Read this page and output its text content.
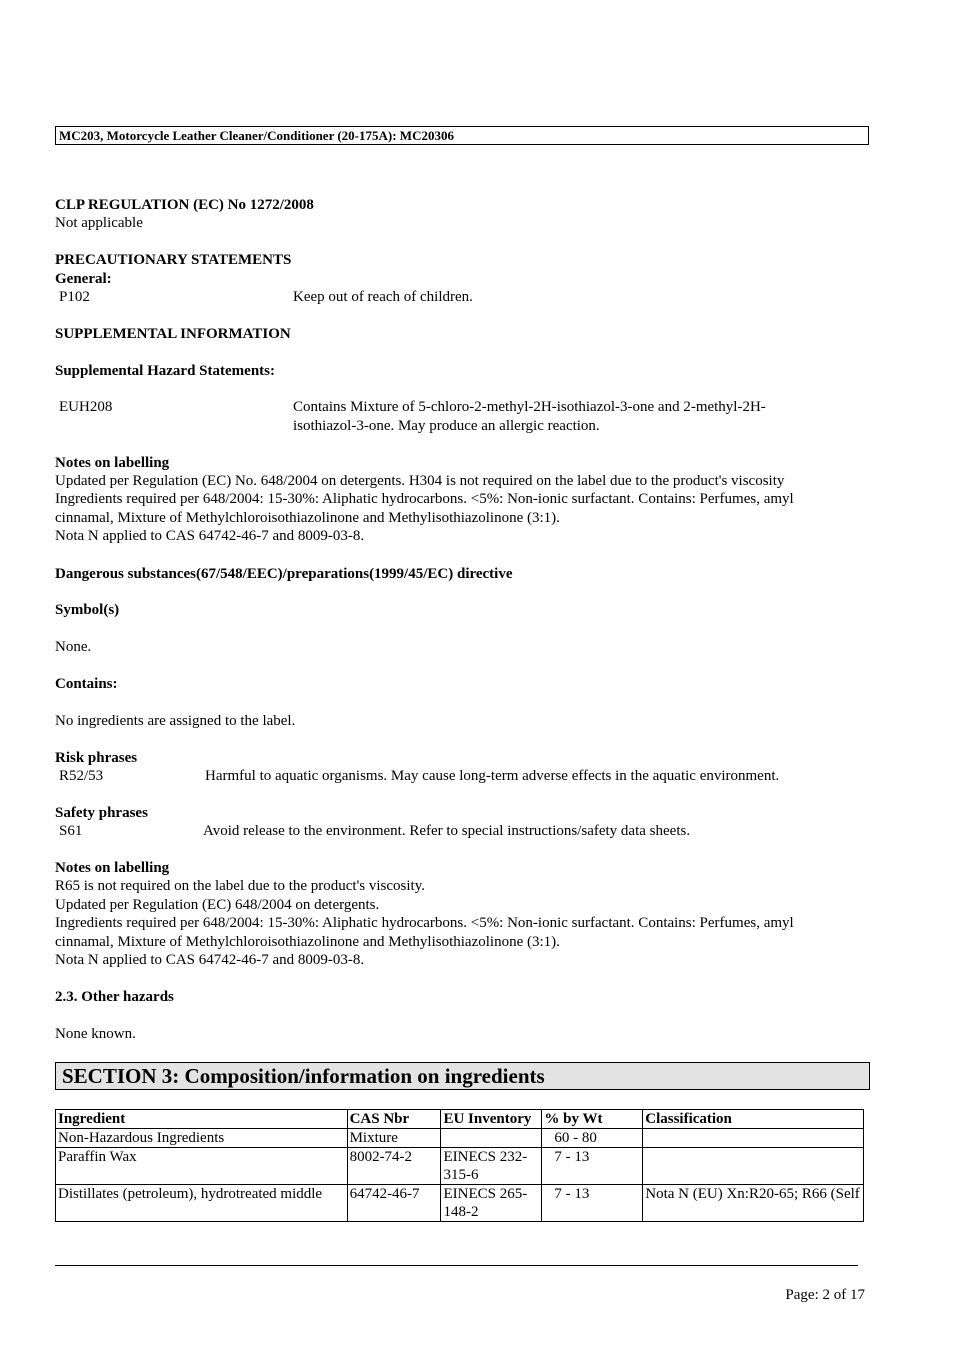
MC203, Motorcycle Leather Cleaner/Conditioner (20-175A): MC20306

CLP REGULATION (EC) No 1272/2008

Not applicable

PRECAUTIONARY STATEMENTS

General:

P102	Keep out of reach of children.

SUPPLEMENTAL INFORMATION

Supplemental Hazard Statements:

EUH208	Contains Mixture of 5-chloro-2-methyl-2H-isothiazol-3-one and 2-methyl-2H-

isothiazol-3-one. May produce an allergic reaction.

Notes on labelling

Updated per Regulation (EC) No. 648/2004 on detergents. H304 is not required on the label due to the product's viscosity

Ingredients required per 648/2004: 15-30%: Aliphatic hydrocarbons. <5%: Non-ionic surfactant. Contains: Perfumes, amyl

cinnamal, Mixture of Methylchloroisothiazolinone and Methylisothiazolinone (3:1).

Nota N applied to CAS 64742-46-7 and 8009-03-8.

Dangerous substances(67/548/EEC)/preparations(1999/45/EC) directive

Symbol(s)

None.

Contains:

No ingredients are assigned to the label.

Risk phrases

R52/53	Harmful to aquatic organisms. May cause long-term adverse effects in the aquatic environment.

Safety phrases

S61	Avoid release to the environment. Refer to special instructions/safety data sheets.

Notes on labelling

R65 is not required on the label due to the product's viscosity.

Updated per Regulation (EC) 648/2004 on detergents.

Ingredients required per 648/2004: 15-30%: Aliphatic hydrocarbons. <5%: Non-ionic surfactant. Contains: Perfumes, amyl

cinnamal, Mixture of Methylchloroisothiazolinone and Methylisothiazolinone (3:1).

Nota N applied to CAS 64742-46-7 and 8009-03-8.

2.3. Other hazards

None known.

SECTION 3: Composition/information on ingredients
Ingredient	CAS Nbr	EU Inventory	% by Wt	Classification
Non-Hazardous Ingredients	Mixture		60 - 80	
Paraffin Wax	8002-74-2	EINECS 232-315-6	7 - 13	
Distillates (petroleum), hydrotreated middle	64742-46-7	EINECS 265-148-2	7 - 13	Nota N (EU) Xn:R20-65; R66 (Self

Page: 2 of 17
